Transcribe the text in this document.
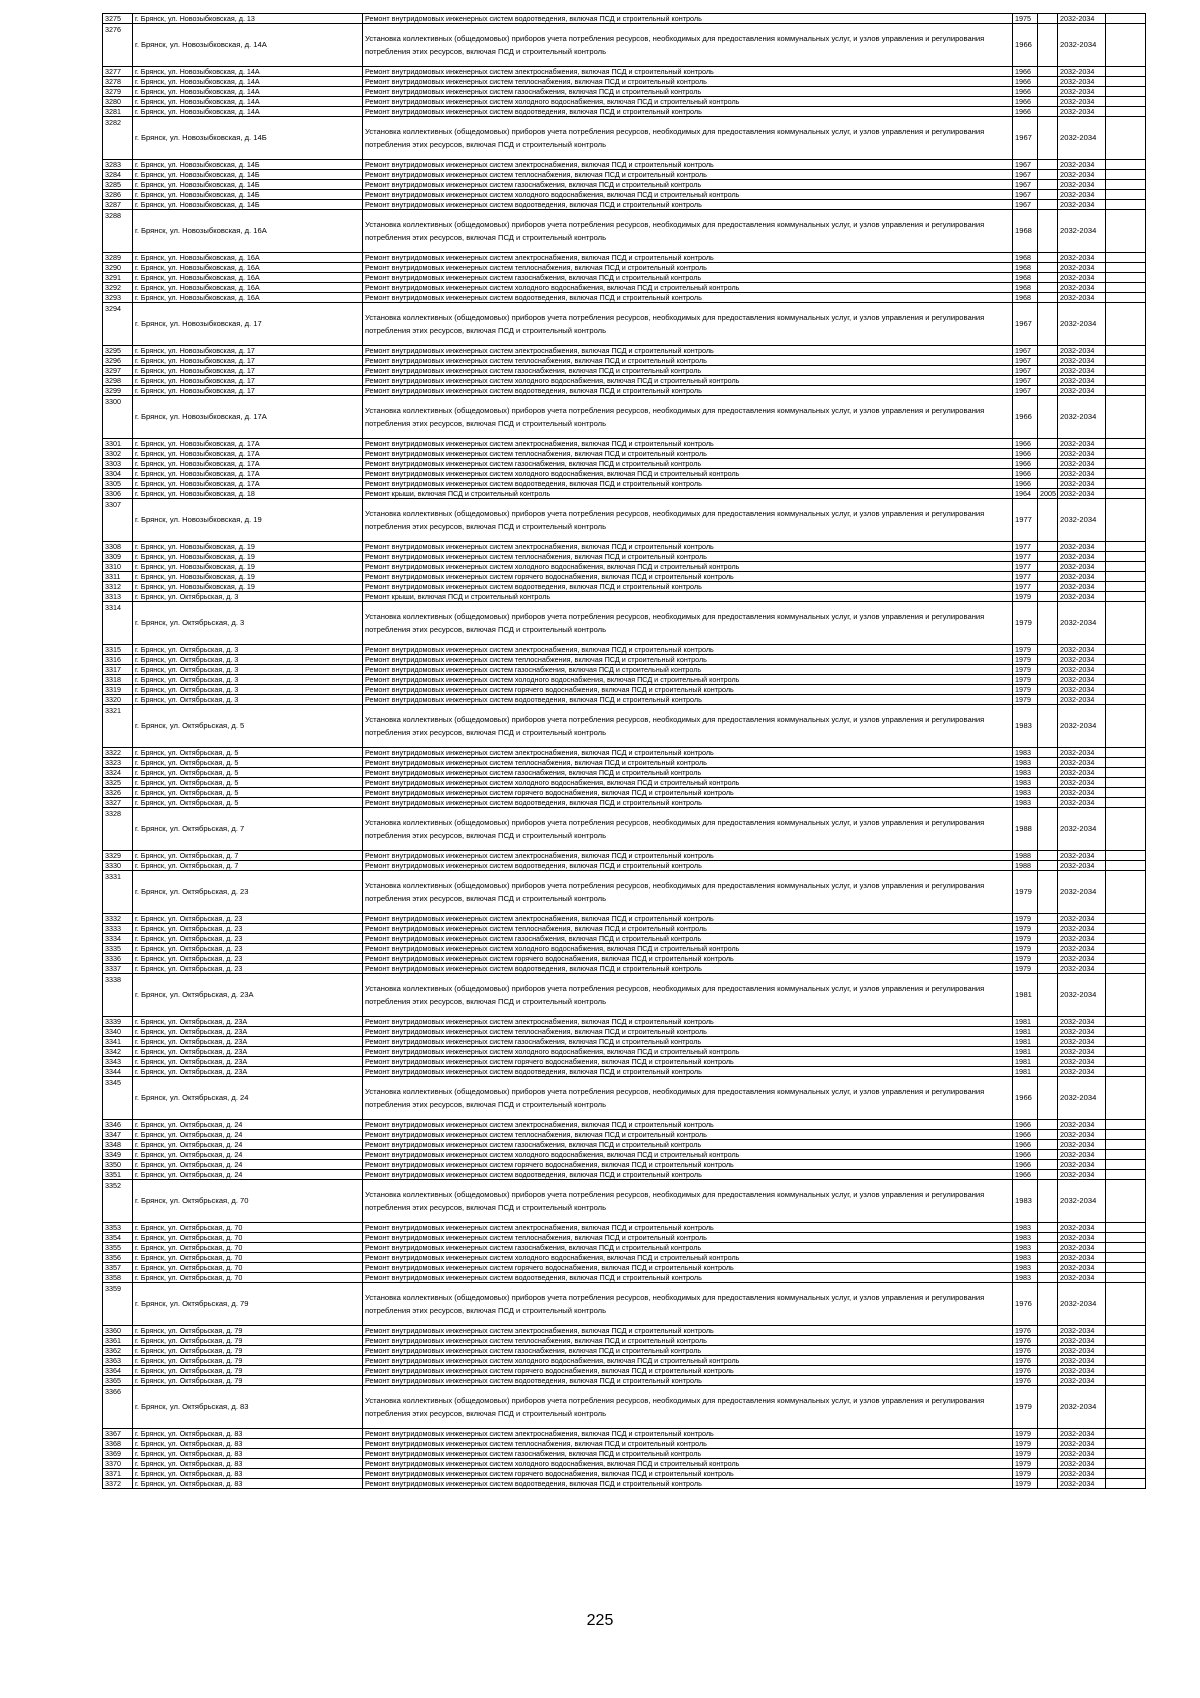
3275	г. Брянск, ул. Новозыбковская, д. 13	Ремонт внутридомовых инженерных систем водоотведения, включая ПСД и строительный контроль	1975		2032-2034	
3276	г. Брянск, ул. Новозыбковская, д. 14А	Установка коллективных (общедомовых) приборов учета потребления ресурсов, необходимых для предоставления коммунальных услуг, и узлов управления и регулирования потребления этих ресурсов, включая ПСД и строительный контроль	1966		2032-2034	
3277	г. Брянск, ул. Новозыбковская, д. 14А	Ремонт внутридомовых инженерных систем электроснабжения, включая ПСД и строительный контроль	1966		2032-2034	
3278	г. Брянск, ул. Новозыбковская, д. 14А	Ремонт внутридомовых инженерных систем теплоснабжения, включая ПСД и строительный контроль	1966		2032-2034	
3279	г. Брянск, ул. Новозыбковская, д. 14А	Ремонт внутридомовых инженерных систем газоснабжения, включая ПСД и строительный контроль	1966		2032-2034	
3280	г. Брянск, ул. Новозыбковская, д. 14А	Ремонт внутридомовых инженерных систем холодного водоснабжения, включая ПСД и строительный контроль	1966		2032-2034	
3281	г. Брянск, ул. Новозыбковская, д. 14А	Ремонт внутридомовых инженерных систем водоотведения, включая ПСД и строительный контроль	1966		2032-2034	
3282	г. Брянск, ул. Новозыбковская, д. 14Б	Установка коллективных (общедомовых) приборов учета потребления ресурсов, необходимых для предоставления коммунальных услуг, и узлов управления и регулирования потребления этих ресурсов, включая ПСД и строительный контроль	1967		2032-2034	
3283	г. Брянск, ул. Новозыбковская, д. 14Б	Ремонт внутридомовых инженерных систем электроснабжения, включая ПСД и строительный контроль	1967		2032-2034	
3284	г. Брянск, ул. Новозыбковская, д. 14Б	Ремонт внутридомовых инженерных систем теплоснабжения, включая ПСД и строительный контроль	1967		2032-2034	
3285	г. Брянск, ул. Новозыбковская, д. 14Б	Ремонт внутридомовых инженерных систем газоснабжения, включая ПСД и строительный контроль	1967		2032-2034	
3286	г. Брянск, ул. Новозыбковская, д. 14Б	Ремонт внутридомовых инженерных систем холодного водоснабжения, включая ПСД и строительный контроль	1967		2032-2034	
3287	г. Брянск, ул. Новозыбковская, д. 14Б	Ремонт внутридомовых инженерных систем водоотведения, включая ПСД и строительный контроль	1967		2032-2034	
3288	г. Брянск, ул. Новозыбковская, д. 16А	Установка коллективных (общедомовых) приборов учета потребления ресурсов, необходимых для предоставления коммунальных услуг, и узлов управления и регулирования потребления этих ресурсов, включая ПСД и строительный контроль	1968		2032-2034	
3289	г. Брянск, ул. Новозыбковская, д. 16А	Ремонт внутридомовых инженерных систем электроснабжения, включая ПСД и строительный контроль	1968		2032-2034	
3290	г. Брянск, ул. Новозыбковская, д. 16А	Ремонт внутридомовых инженерных систем теплоснабжения, включая ПСД и строительный контроль	1968		2032-2034	
3291	г. Брянск, ул. Новозыбковская, д. 16А	Ремонт внутридомовых инженерных систем газоснабжения, включая ПСД и строительный контроль	1968		2032-2034	
3292	г. Брянск, ул. Новозыбковская, д. 16А	Ремонт внутридомовых инженерных систем холодного водоснабжения, включая ПСД и строительный контроль	1968		2032-2034	
3293	г. Брянск, ул. Новозыбковская, д. 16А	Ремонт внутридомовых инженерных систем водоотведения, включая ПСД и строительный контроль	1968		2032-2034	
3294	г. Брянск, ул. Новозыбковская, д. 17	Установка коллективных (общедомовых) приборов учета потребления ресурсов, необходимых для предоставления коммунальных услуг, и узлов управления и регулирования потребления этих ресурсов, включая ПСД и строительный контроль	1967		2032-2034	
3295	г. Брянск, ул. Новозыбковская, д. 17	Ремонт внутридомовых инженерных систем электроснабжения, включая ПСД и строительный контроль	1967		2032-2034	
3296	г. Брянск, ул. Новозыбковская, д. 17	Ремонт внутридомовых инженерных систем теплоснабжения, включая ПСД и строительный контроль	1967		2032-2034	
3297	г. Брянск, ул. Новозыбковская, д. 17	Ремонт внутридомовых инженерных систем газоснабжения, включая ПСД и строительный контроль	1967		2032-2034	
3298	г. Брянск, ул. Новозыбковская, д. 17	Ремонт внутридомовых инженерных систем холодного водоснабжения, включая ПСД и строительный контроль	1967		2032-2034	
3299	г. Брянск, ул. Новозыбковская, д. 17	Ремонт внутридомовых инженерных систем водоотведения, включая ПСД и строительный контроль	1967		2032-2034	
3300	г. Брянск, ул. Новозыбковская, д. 17А	Установка коллективных (общедомовых) приборов учета потребления ресурсов, необходимых для предоставления коммунальных услуг, и узлов управления и регулирования потребления этих ресурсов, включая ПСД и строительный контроль	1966		2032-2034	
3301	г. Брянск, ул. Новозыбковская, д. 17А	Ремонт внутридомовых инженерных систем электроснабжения, включая ПСД и строительный контроль	1966		2032-2034	
3302	г. Брянск, ул. Новозыбковская, д. 17А	Ремонт внутридомовых инженерных систем теплоснабжения, включая ПСД и строительный контроль	1966		2032-2034	
3303	г. Брянск, ул. Новозыбковская, д. 17А	Ремонт внутридомовых инженерных систем газоснабжения, включая ПСД и строительный контроль	1966		2032-2034	
3304	г. Брянск, ул. Новозыбковская, д. 17А	Ремонт внутридомовых инженерных систем холодного водоснабжения, включая ПСД и строительный контроль	1966		2032-2034	
3305	г. Брянск, ул. Новозыбковская, д. 17А	Ремонт внутридомовых инженерных систем водоотведения, включая ПСД и строительный контроль	1966		2032-2034	
3306	г. Брянск, ул. Новозыбковская, д. 18	Ремонт крыши, включая ПСД и строительный контроль	1964	2005	2032-2034	
3307	г. Брянск, ул. Новозыбковская, д. 19	Установка коллективных (общедомовых) приборов учета потребления ресурсов, необходимых для предоставления коммунальных услуг, и узлов управления и регулирования потребления этих ресурсов, включая ПСД и строительный контроль	1977		2032-2034	
3308	г. Брянск, ул. Новозыбковская, д. 19	Ремонт внутридомовых инженерных систем электроснабжения, включая ПСД и строительный контроль	1977		2032-2034	
3309	г. Брянск, ул. Новозыбковская, д. 19	Ремонт внутридомовых инженерных систем теплоснабжения, включая ПСД и строительный контроль	1977		2032-2034	
3310	г. Брянск, ул. Новозыбковская, д. 19	Ремонт внутридомовых инженерных систем холодного водоснабжения, включая ПСД и строительный контроль	1977		2032-2034	
3311	г. Брянск, ул. Новозыбковская, д. 19	Ремонт внутридомовых инженерных систем горячего водоснабжения, включая ПСД и строительный контроль	1977		2032-2034	
3312	г. Брянск, ул. Новозыбковская, д. 19	Ремонт внутридомовых инженерных систем водоотведения, включая ПСД и строительный контроль	1977		2032-2034	
3313	г. Брянск, ул. Октябрьская, д. 3	Ремонт крыши, включая ПСД и строительный контроль	1979		2032-2034	
3314	г. Брянск, ул. Октябрьская, д. 3	Установка коллективных (общедомовых) приборов учета потребления ресурсов, необходимых для предоставления коммунальных услуг, и узлов управления и регулирования потребления этих ресурсов, включая ПСД и строительный контроль	1979		2032-2034	
3315	г. Брянск, ул. Октябрьская, д. 3	Ремонт внутридомовых инженерных систем электроснабжения, включая ПСД и строительный контроль	1979		2032-2034	
3316	г. Брянск, ул. Октябрьская, д. 3	Ремонт внутридомовых инженерных систем теплоснабжения, включая ПСД и строительный контроль	1979		2032-2034	
3317	г. Брянск, ул. Октябрьская, д. 3	Ремонт внутридомовых инженерных систем газоснабжения, включая ПСД и строительный контроль	1979		2032-2034	
3318	г. Брянск, ул. Октябрьская, д. 3	Ремонт внутридомовых инженерных систем холодного водоснабжения, включая ПСД и строительный контроль	1979		2032-2034	
3319	г. Брянск, ул. Октябрьская, д. 3	Ремонт внутридомовых инженерных систем горячего водоснабжения, включая ПСД и строительный контроль	1979		2032-2034	
3320	г. Брянск, ул. Октябрьская, д. 3	Ремонт внутридомовых инженерных систем водоотведения, включая ПСД и строительный контроль	1979		2032-2034	
3321	г. Брянск, ул. Октябрьская, д. 5	Установка коллективных (общедомовых) приборов учета потребления ресурсов, необходимых для предоставления коммунальных услуг, и узлов управления и регулирования потребления этих ресурсов, включая ПСД и строительный контроль	1983		2032-2034	
3322	г. Брянск, ул. Октябрьская, д. 5	Ремонт внутридомовых инженерных систем электроснабжения, включая ПСД и строительный контроль	1983		2032-2034	
3323	г. Брянск, ул. Октябрьская, д. 5	Ремонт внутридомовых инженерных систем теплоснабжения, включая ПСД и строительный контроль	1983		2032-2034	
3324	г. Брянск, ул. Октябрьская, д. 5	Ремонт внутридомовых инженерных систем газоснабжения, включая ПСД и строительный контроль	1983		2032-2034	
3325	г. Брянск, ул. Октябрьская, д. 5	Ремонт внутридомовых инженерных систем холодного водоснабжения, включая ПСД и строительный контроль	1983		2032-2034	
3326	г. Брянск, ул. Октябрьская, д. 5	Ремонт внутридомовых инженерных систем горячего водоснабжения, включая ПСД и строительный контроль	1983		2032-2034	
3327	г. Брянск, ул. Октябрьская, д. 5	Ремонт внутридомовых инженерных систем водоотведения, включая ПСД и строительный контроль	1983		2032-2034	
3328	г. Брянск, ул. Октябрьская, д. 7	Установка коллективных (общедомовых) приборов учета потребления ресурсов, необходимых для предоставления коммунальных услуг, и узлов управления и регулирования потребления этих ресурсов, включая ПСД и строительный контроль	1988		2032-2034	
3329	г. Брянск, ул. Октябрьская, д. 7	Ремонт внутридомовых инженерных систем электроснабжения, включая ПСД и строительный контроль	1988		2032-2034	
3330	г. Брянск, ул. Октябрьская, д. 7	Ремонт внутридомовых инженерных систем водоотведения, включая ПСД и строительный контроль	1988		2032-2034	
3331	г. Брянск, ул. Октябрьская, д. 23	Установка коллективных (общедомовых) приборов учета потребления ресурсов, необходимых для предоставления коммунальных услуг, и узлов управления и регулирования потребления этих ресурсов, включая ПСД и строительный контроль	1979		2032-2034	
3332	г. Брянск, ул. Октябрьская, д. 23	Ремонт внутридомовых инженерных систем электроснабжения, включая ПСД и строительный контроль	1979		2032-2034	
3333	г. Брянск, ул. Октябрьская, д. 23	Ремонт внутридомовых инженерных систем теплоснабжения, включая ПСД и строительный контроль	1979		2032-2034	
3334	г. Брянск, ул. Октябрьская, д. 23	Ремонт внутридомовых инженерных систем газоснабжения, включая ПСД и строительный контроль	1979		2032-2034	
3335	г. Брянск, ул. Октябрьская, д. 23	Ремонт внутридомовых инженерных систем холодного водоснабжения, включая ПСД и строительный контроль	1979		2032-2034	
3336	г. Брянск, ул. Октябрьская, д. 23	Ремонт внутридомовых инженерных систем горячего водоснабжения, включая ПСД и строительный контроль	1979		2032-2034	
3337	г. Брянск, ул. Октябрьская, д. 23	Ремонт внутридомовых инженерных систем водоотведения, включая ПСД и строительный контроль	1979		2032-2034	
3338	г. Брянск, ул. Октябрьская, д. 23А	Установка коллективных (общедомовых) приборов учета потребления ресурсов, необходимых для предоставления коммунальных услуг, и узлов управления и регулирования потребления этих ресурсов, включая ПСД и строительный контроль	1981		2032-2034	
3339	г. Брянск, ул. Октябрьская, д. 23А	Ремонт внутридомовых инженерных систем электроснабжения, включая ПСД и строительный контроль	1981		2032-2034	
3340	г. Брянск, ул. Октябрьская, д. 23А	Ремонт внутридомовых инженерных систем теплоснабжения, включая ПСД и строительный контроль	1981		2032-2034	
3341	г. Брянск, ул. Октябрьская, д. 23А	Ремонт внутридомовых инженерных систем газоснабжения, включая ПСД и строительный контроль	1981		2032-2034	
3342	г. Брянск, ул. Октябрьская, д. 23А	Ремонт внутридомовых инженерных систем холодного водоснабжения, включая ПСД и строительный контроль	1981		2032-2034	
3343	г. Брянск, ул. Октябрьская, д. 23А	Ремонт внутридомовых инженерных систем горячего водоснабжения, включая ПСД и строительный контроль	1981		2032-2034	
3344	г. Брянск, ул. Октябрьская, д. 23А	Ремонт внутридомовых инженерных систем водоотведения, включая ПСД и строительный контроль	1981		2032-2034	
3345	г. Брянск, ул. Октябрьская, д. 24	Установка коллективных (общедомовых) приборов учета потребления ресурсов, необходимых для предоставления коммунальных услуг, и узлов управления и регулирования потребления этих ресурсов, включая ПСД и строительный контроль	1966		2032-2034	
3346	г. Брянск, ул. Октябрьская, д. 24	Ремонт внутридомовых инженерных систем электроснабжения, включая ПСД и строительный контроль	1966		2032-2034	
3347	г. Брянск, ул. Октябрьская, д. 24	Ремонт внутридомовых инженерных систем теплоснабжения, включая ПСД и строительный контроль	1966		2032-2034	
3348	г. Брянск, ул. Октябрьская, д. 24	Ремонт внутридомовых инженерных систем газоснабжения, включая ПСД и строительный контроль	1966		2032-2034	
3349	г. Брянск, ул. Октябрьская, д. 24	Ремонт внутридомовых инженерных систем холодного водоснабжения, включая ПСД и строительный контроль	1966		2032-2034	
3350	г. Брянск, ул. Октябрьская, д. 24	Ремонт внутридомовых инженерных систем горячего водоснабжения, включая ПСД и строительный контроль	1966		2032-2034	
3351	г. Брянск, ул. Октябрьская, д. 24	Ремонт внутридомовых инженерных систем водоотведения, включая ПСД и строительный контроль	1966		2032-2034	
3352	г. Брянск, ул. Октябрьская, д. 70	Установка коллективных (общедомовых) приборов учета потребления ресурсов, необходимых для предоставления коммунальных услуг, и узлов управления и регулирования потребления этих ресурсов, включая ПСД и строительный контроль	1983		2032-2034	
3353	г. Брянск, ул. Октябрьская, д. 70	Ремонт внутридомовых инженерных систем электроснабжения, включая ПСД и строительный контроль	1983		2032-2034	
3354	г. Брянск, ул. Октябрьская, д. 70	Ремонт внутридомовых инженерных систем теплоснабжения, включая ПСД и строительный контроль	1983		2032-2034	
3355	г. Брянск, ул. Октябрьская, д. 70	Ремонт внутридомовых инженерных систем газоснабжения, включая ПСД и строительный контроль	1983		2032-2034	
3356	г. Брянск, ул. Октябрьская, д. 70	Ремонт внутридомовых инженерных систем холодного водоснабжения, включая ПСД и строительный контроль	1983		2032-2034	
3357	г. Брянск, ул. Октябрьская, д. 70	Ремонт внутридомовых инженерных систем горячего водоснабжения, включая ПСД и строительный контроль	1983		2032-2034	
3358	г. Брянск, ул. Октябрьская, д. 70	Ремонт внутридомовых инженерных систем водоотведения, включая ПСД и строительный контроль	1983		2032-2034	
3359	г. Брянск, ул. Октябрьская, д. 79	Установка коллективных (общедомовых) приборов учета потребления ресурсов, необходимых для предоставления коммунальных услуг, и узлов управления и регулирования потребления этих ресурсов, включая ПСД и строительный контроль	1976		2032-2034	
3360	г. Брянск, ул. Октябрьская, д. 79	Ремонт внутридомовых инженерных систем электроснабжения, включая ПСД и строительный контроль	1976		2032-2034	
3361	г. Брянск, ул. Октябрьская, д. 79	Ремонт внутридомовых инженерных систем теплоснабжения, включая ПСД и строительный контроль	1976		2032-2034	
3362	г. Брянск, ул. Октябрьская, д. 79	Ремонт внутридомовых инженерных систем газоснабжения, включая ПСД и строительный контроль	1976		2032-2034	
3363	г. Брянск, ул. Октябрьская, д. 79	Ремонт внутридомовых инженерных систем холодного водоснабжения, включая ПСД и строительный контроль	1976		2032-2034	
3364	г. Брянск, ул. Октябрьская, д. 79	Ремонт внутридомовых инженерных систем горячего водоснабжения, включая ПСД и строительный контроль	1976		2032-2034	
3365	г. Брянск, ул. Октябрьская, д. 79	Ремонт внутридомовых инженерных систем водоотведения, включая ПСД и строительный контроль	1976		2032-2034	
3366	г. Брянск, ул. Октябрьская, д. 83	Установка коллективных (общедомовых) приборов учета потребления ресурсов, необходимых для предоставления коммунальных услуг, и узлов управления и регулирования потребления этих ресурсов, включая ПСД и строительный контроль	1979		2032-2034	
3367	г. Брянск, ул. Октябрьская, д. 83	Ремонт внутридомовых инженерных систем электроснабжения, включая ПСД и строительный контроль	1979		2032-2034	
3368	г. Брянск, ул. Октябрьская, д. 83	Ремонт внутридомовых инженерных систем теплоснабжения, включая ПСД и строительный контроль	1979		2032-2034	
3369	г. Брянск, ул. Октябрьская, д. 83	Ремонт внутридомовых инженерных систем газоснабжения, включая ПСД и строительный контроль	1979		2032-2034	
3370	г. Брянск, ул. Октябрьская, д. 83	Ремонт внутридомовых инженерных систем холодного водоснабжения, включая ПСД и строительный контроль	1979		2032-2034	
3371	г. Брянск, ул. Октябрьская, д. 83	Ремонт внутридомовых инженерных систем горячего водоснабжения, включая ПСД и строительный контроль	1979		2032-2034	
3372	г. Брянск, ул. Октябрьская, д. 83	Ремонт внутридомовых инженерных систем водоотведения, включая ПСД и строительный контроль	1979		2032-2034	
225
